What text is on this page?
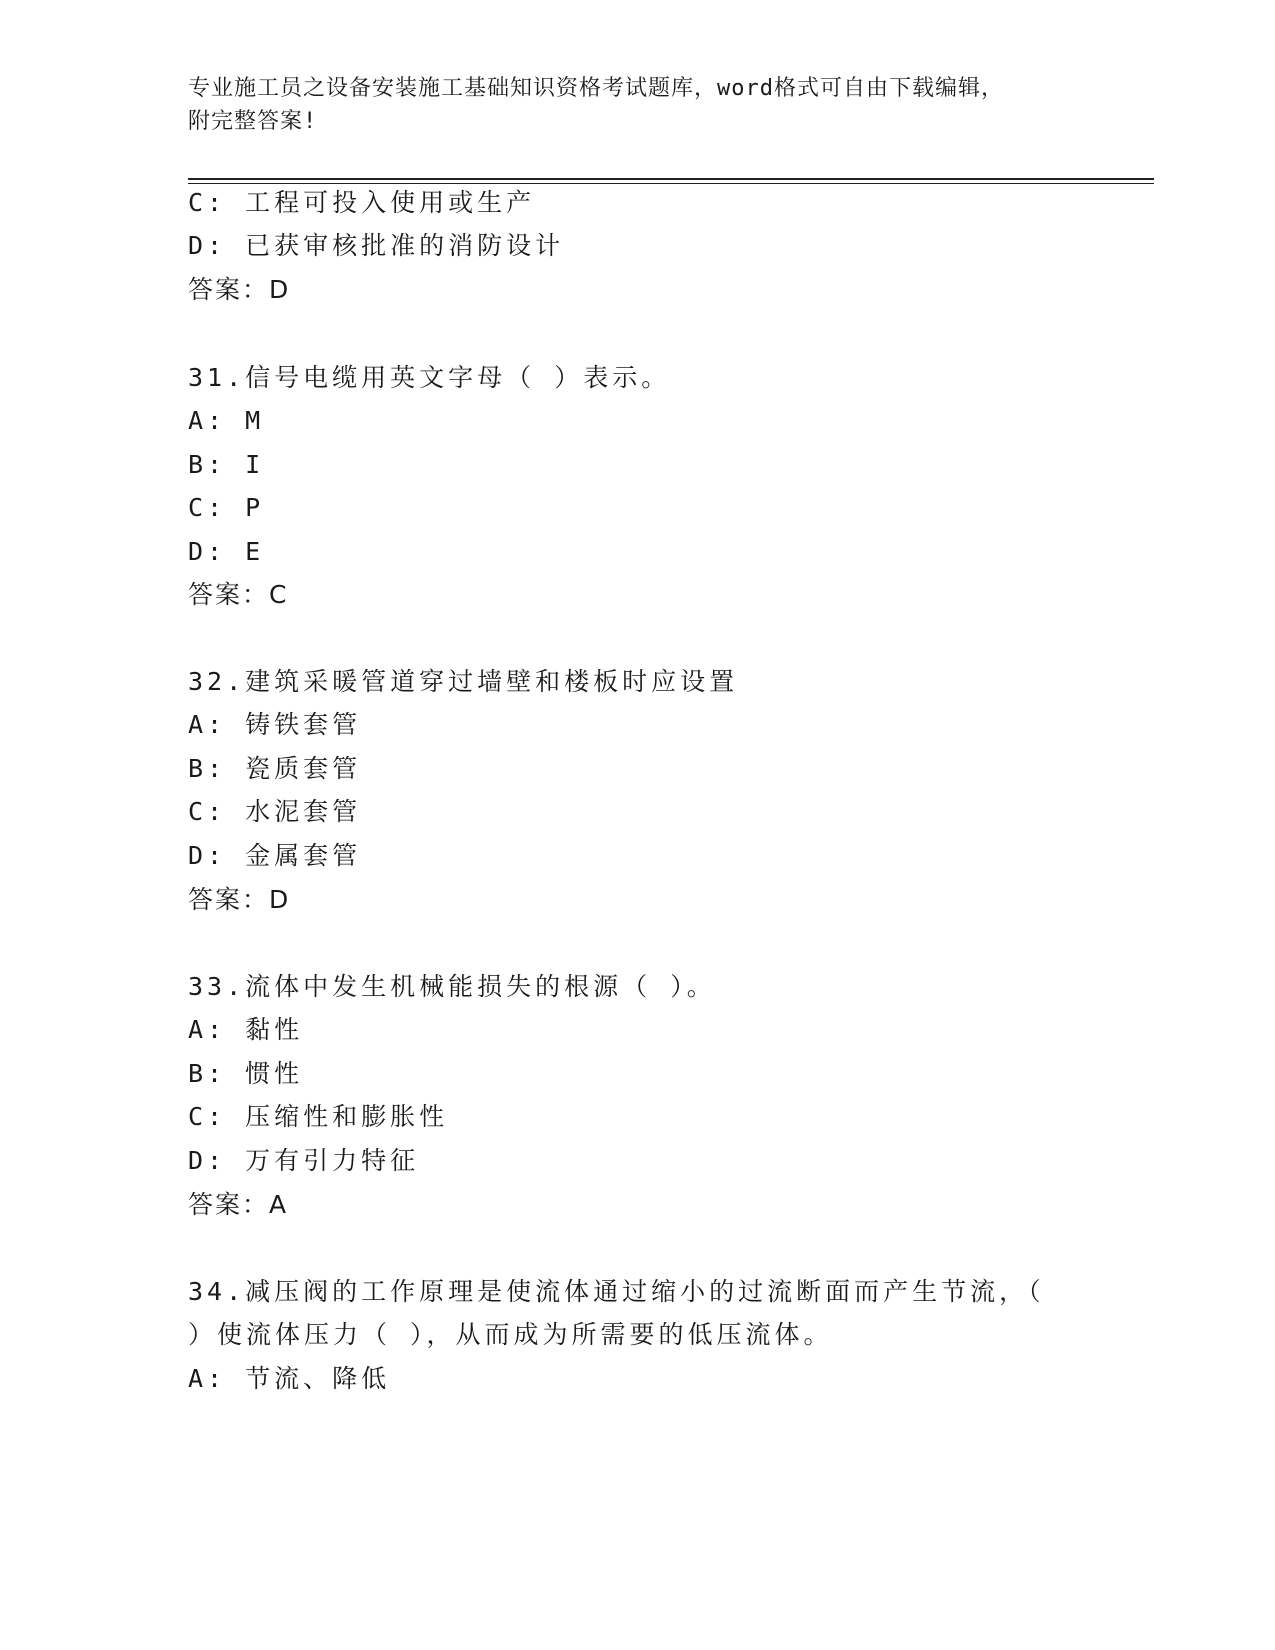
专业施工员之设备安装施工基础知识资格考试题库，word格式可自由下载编辑，
附完整答案!
C: 工程可投入使用或生产
D: 已获审核批准的消防设计
答案：D
31.信号电缆用英文字母（ ）表示。
A: M
B: I
C: P
D: E
答案：C
32.建筑采暖管道穿过墙壁和楼板时应设置
A: 铸铁套管
B: 瓷质套管
C: 水泥套管
D: 金属套管
答案：D
33.流体中发生机械能损失的根源（ ）。
A: 黏性
B: 惯性
C: 压缩性和膨胀性
D: 万有引力特征
答案：A
34.减压阀的工作原理是使流体通过缩小的过流断面而产生节流，（
）使流体压力（ ），从而成为所需要的低压流体。
A: 节流、降低
